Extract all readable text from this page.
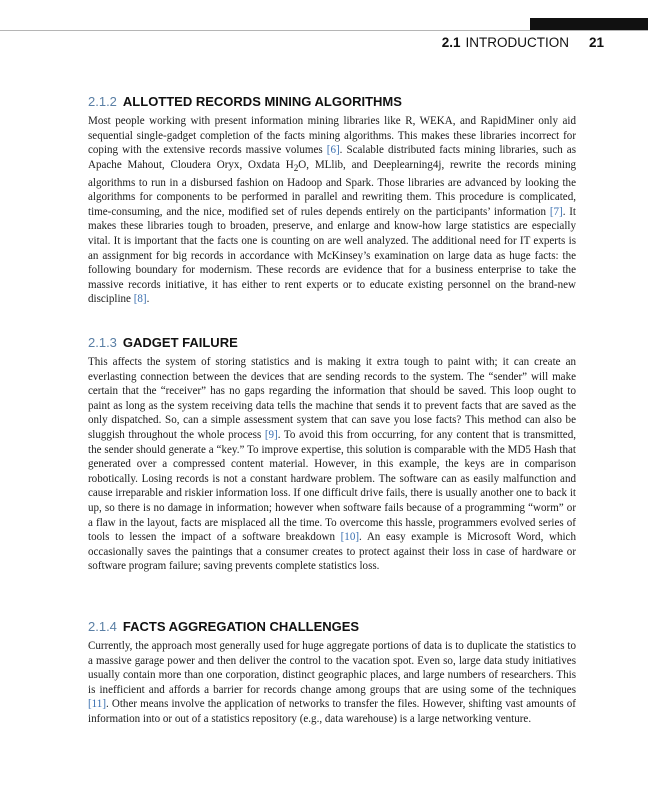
2.1 INTRODUCTION 21
2.1.2 ALLOTTED RECORDS MINING ALGORITHMS

Most people working with present information mining libraries like R, WEKA, and RapidMiner only aid sequential single-gadget completion of the facts mining algorithms. This makes these libraries incorrect for coping with the extensive records massive volumes [6]. Scalable distributed facts mining libraries, such as Apache Mahout, Cloudera Oryx, Oxdata $H_2O$, MLlib, and Deeplearning4j, rewrite the records mining algorithms to run in a disbursed fashion on Hadoop and Spark. Those libraries are advanced by looking the algorithms for components to be performed in parallel and rewriting them. This procedure is complicated, time-consuming, and the nice, modified set of rules depends entirely on the participants’ information [7]. It makes these libraries tough to broaden, preserve, and enlarge and know-how large statistics are especially vital. It is important that the facts one is counting on are well analyzed. The additional need for IT experts is an assignment for big records in accordance with McKinsey’s examination on large data as huge facts: the following boundary for modernism. These records are evidence that for a business enterprise to take the massive records initiative, it has either to rent experts or to educate existing personnel on the brand-new discipline [8].

2.1.3 GADGET FAILURE

This affects the system of storing statistics and is making it extra tough to paint with; it can create an everlasting connection between the devices that are sending records to the system. The “sender” will make certain that the “receiver” has no gaps regarding the information that should be saved. This loop ought to paint as long as the system receiving data tells the machine that sends it to prevent facts that are saved as the only dispatched. So, can a simple assessment system that can save you lose facts? This method can also be sluggish throughout the whole process [9]. To avoid this from occurring, for any content that is transmitted, the sender should generate a “key.” To improve expertise, this solution is comparable with the MD5 Hash that generated over a compressed content material. However, in this example, the keys are in comparison robotically. Losing records is not a constant hardware problem. The software can as easily malfunction and cause irreparable and riskier information loss. If one difficult drive fails, there is usually another one to back it up, so there is no damage in information; however when software fails because of a programming “worm” or a flaw in the layout, facts are misplaced all the time. To overcome this hassle, programmers evolved series of tools to lessen the impact of a software breakdown [10]. An easy example is Microsoft Word, which occasionally saves the paintings that a consumer creates to protect against their loss in case of hardware or software program failure; saving prevents complete statistics loss.

2.1.4 FACTS AGGREGATION CHALLENGES

Currently, the approach most generally used for huge aggregate portions of data is to duplicate the statistics to a massive garage power and then deliver the control to the vacation spot. Even so, large data study initiatives usually contain more than one corporation, distinct geographic places, and large numbers of researchers. This is inefficient and affords a barrier for records change among groups that are using some of the techniques [11]. Other means involve the application of networks to transfer the files. However, shifting vast amounts of information into or out of a statistics repository (e.g., data warehouse) is a large networking venture.
